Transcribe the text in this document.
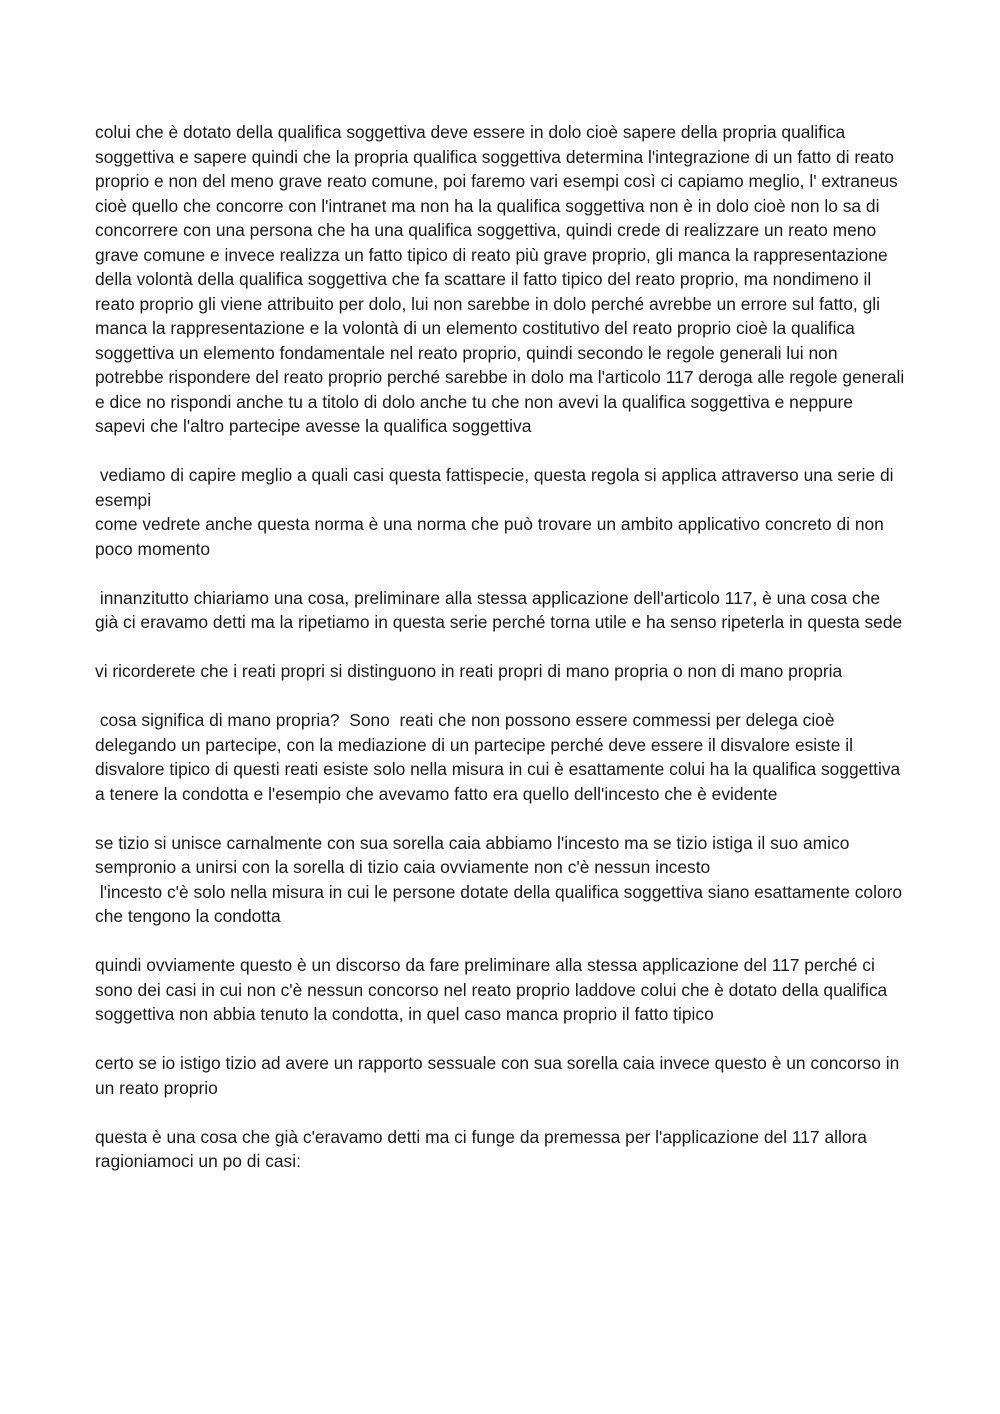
colui che è dotato della qualifica soggettiva deve essere in dolo cioè sapere della propria qualifica soggettiva e sapere quindi che la propria qualifica soggettiva determina l'integrazione di un fatto di reato proprio e non del meno grave reato comune, poi faremo vari esempi così ci capiamo meglio, l' extraneus cioè quello che concorre con l'intranet ma non ha la qualifica soggettiva non è in dolo cioè non lo sa di concorrere con una persona che ha una qualifica soggettiva, quindi crede di realizzare un reato meno grave comune e invece realizza un fatto tipico di reato più grave proprio, gli manca la rappresentazione della volontà della qualifica soggettiva che fa scattare il fatto tipico del reato proprio, ma nondimeno il reato proprio gli viene attribuito per dolo, lui non sarebbe in dolo perché avrebbe un errore sul fatto, gli manca la rappresentazione e la volontà di un elemento costitutivo del reato proprio cioè la qualifica soggettiva un elemento fondamentale nel reato proprio, quindi secondo le regole generali lui non potrebbe rispondere del reato proprio perché sarebbe in dolo ma l'articolo 117 deroga alle regole generali e dice no rispondi anche tu a titolo di dolo anche tu che non avevi la qualifica soggettiva e neppure sapevi che l'altro partecipe avesse la qualifica soggettiva

vediamo di capire meglio a quali casi questa fattispecie, questa regola si applica attraverso una serie di esempi

come vedrete anche questa norma è una norma che può trovare un ambito applicativo concreto di non poco momento

innanzitutto chiariamo una cosa, preliminare alla stessa applicazione dell'articolo 117, è una cosa che già ci eravamo detti ma la ripetiamo in questa serie perché torna utile e ha senso ripeterla in questa sede

vi ricorderete che i reati propri si distinguono in reati propri di mano propria o non di mano propria

cosa significa di mano propria?  Sono  reati che non possono essere commessi per delega cioè delegando un partecipe, con la mediazione di un partecipe perché deve essere il disvalore esiste il disvalore tipico di questi reati esiste solo nella misura in cui è esattamente colui ha la qualifica soggettiva a tenere la condotta e l'esempio che avevamo fatto era quello dell'incesto che è evidente

se tizio si unisce carnalmente con sua sorella caia abbiamo l'incesto ma se tizio istiga il suo amico sempronio a unirsi con la sorella di tizio caia ovviamente non c'è nessun incesto

l'incesto c'è solo nella misura in cui le persone dotate della qualifica soggettiva siano esattamente coloro che tengono la condotta

quindi ovviamente questo è un discorso da fare preliminare alla stessa applicazione del 117 perché ci sono dei casi in cui non c'è nessun concorso nel reato proprio laddove colui che è dotato della qualifica soggettiva non abbia tenuto la condotta, in quel caso manca proprio il fatto tipico

certo se io istigo tizio ad avere un rapporto sessuale con sua sorella caia invece questo è un concorso in un reato proprio

questa è una cosa che già c'eravamo detti ma ci funge da premessa per l'applicazione del 117 allora ragioniamoci un po di casi:
